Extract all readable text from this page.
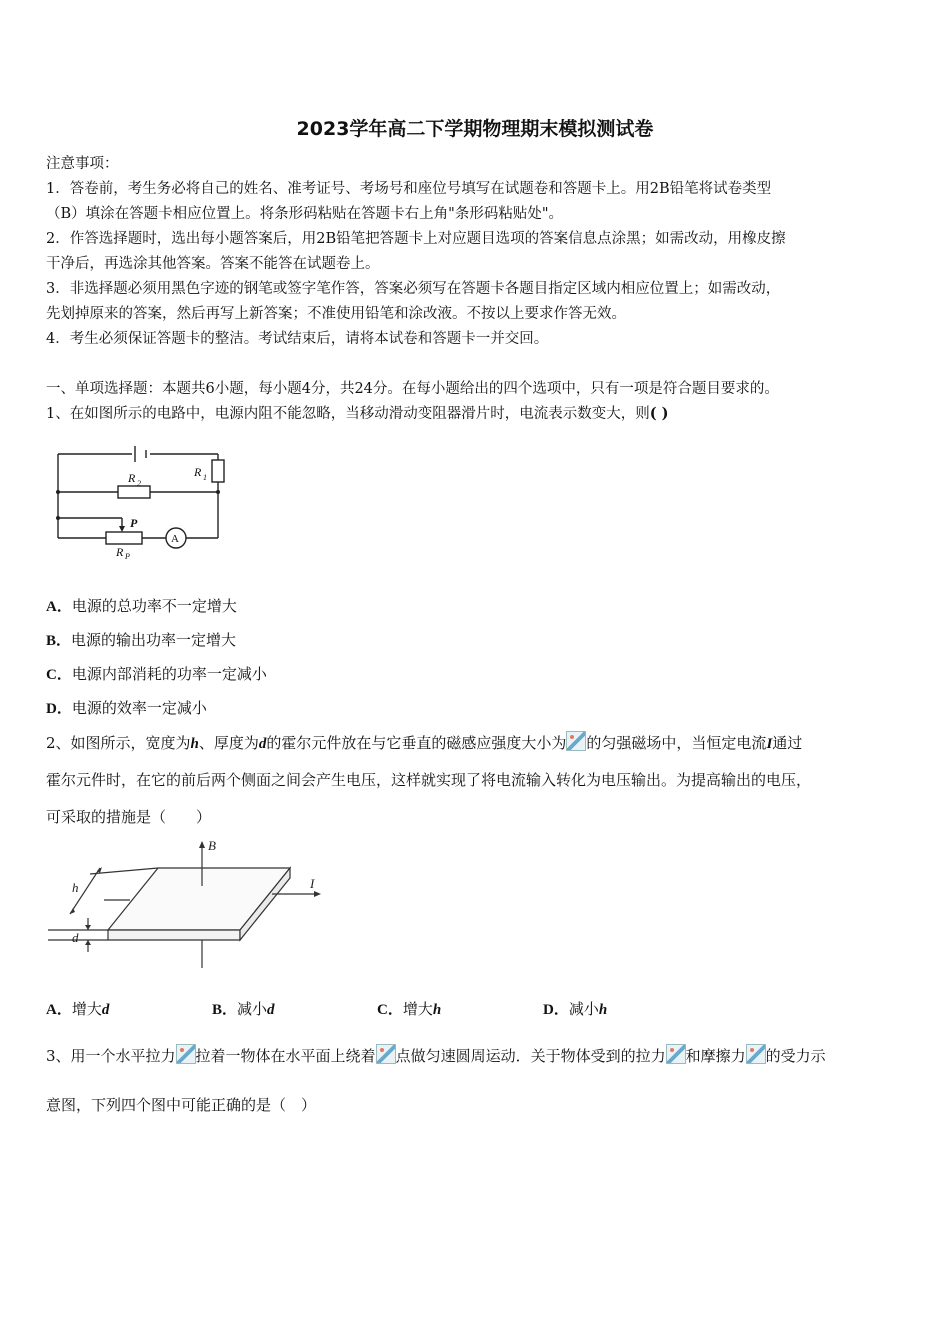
2023学年高二下学期物理期末模拟测试卷
注意事项：
1．答卷前，考生务必将自己的姓名、准考证号、考场号和座位号填写在试题卷和答题卡上。用2B铅笔将试卷类型
（B）填涂在答题卡相应位置上。将条形码粘贴在答题卡右上角"条形码粘贴处"。
2．作答选择题时，选出每小题答案后，用2B铅笔把答题卡上对应题目选项的答案信息点涂黑；如需改动，用橡皮擦
干净后，再选涂其他答案。答案不能答在试题卷上。
3．非选择题必须用黑色字迹的钢笔或签字笔作答，答案必须写在答题卡各题目指定区域内相应位置上；如需改动，
先划掉原来的答案，然后再写上新答案；不准使用铅笔和涂改液。不按以上要求作答无效。
4．考生必须保证答题卡的整洁。考试结束后，请将本试卷和答题卡一并交回。
一、单项选择题：本题共6小题，每小题4分，共24分。在每小题给出的四个选项中，只有一项是符合题目要求的。
1、在如图所示的电路中，电源内阻不能忽略，当移动滑动变阻器滑片时，电流表示数变大，则( )
R 1
R 2
P
R P
A
A．电源的总功率不一定增大
B．电源的输出功率一定增大
C．电源内部消耗的功率一定减小
D．电源的效率一定减小
2、如图所示，宽度为h、厚度为d的霍尔元件放在与它垂直的磁感应强度大小为 的匀强磁场中，当恒定电流I通过
霍尔元件时，在它的前后两个侧面之间会产生电压，这样就实现了将电流输入转化为电压输出。为提高输出的电压，
可采取的措施是（　　）
B
I
h
d
A．增大d	B．减小d	C．增大h	D．减小h
3、用一个水平拉力 拉着一物体在水平面上绕着 点做匀速圆周运动．关于物体受到的拉力 和摩擦力 的受力示
意图，下列四个图中可能正确的是（　）
